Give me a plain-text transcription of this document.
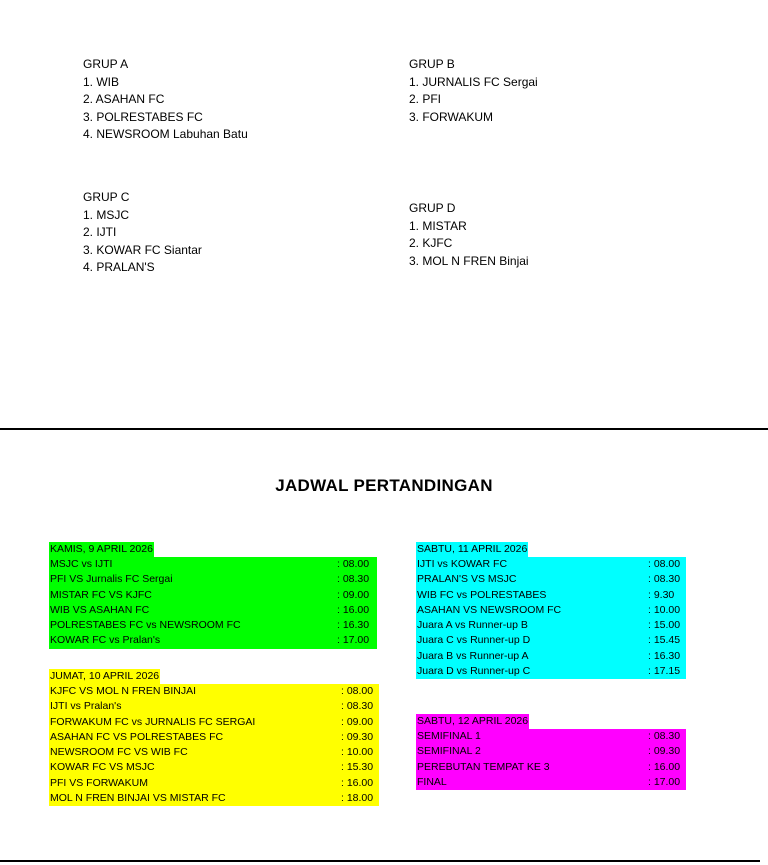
GRUP A
1. WIB
2. ASAHAN FC
3. POLRESTABES FC
4. NEWSROOM Labuhan Batu
GRUP B
1. JURNALIS FC Sergai
2. PFI
3. FORWAKUM
GRUP C
1. MSJC
2. IJTI
3. KOWAR FC Siantar
4. PRALAN'S
GRUP D
1. MISTAR
2. KJFC
3. MOL N FREN Binjai
JADWAL PERTANDINGAN
KAMIS, 9 APRIL 2026
MSJC vs IJTI	: 08.00
PFI VS Jurnalis FC Sergai	: 08.30
MISTAR FC VS KJFC	: 09.00
WIB VS ASAHAN FC	: 16.00
POLRESTABES FC vs NEWSROOM FC	: 16.30
KOWAR FC vs Pralan's	: 17.00
JUMAT, 10 APRIL 2026
KJFC VS MOL N FREN BINJAI	: 08.00
IJTI vs Pralan's	: 08.30
FORWAKUM FC vs JURNALIS FC SERGAI	: 09.00
ASAHAN FC VS POLRESTABES FC	: 09.30
NEWSROOM FC VS WIB FC	: 10.00
KOWAR FC VS MSJC	: 15.30
PFI VS FORWAKUM	: 16.00
MOL N FREN BINJAI VS MISTAR FC	: 18.00
SABTU, 11 APRIL 2026
IJTI vs KOWAR FC	: 08.00
PRALAN'S VS MSJC	: 08.30
WIB FC vs POLRESTABES	: 9.30
ASAHAN VS NEWSROOM FC	: 10.00
Juara A vs Runner-up B	: 15.00
Juara C vs Runner-up D	: 15.45
Juara B vs Runner-up A	: 16.30
Juara D vs Runner-up C	: 17.15
SABTU, 12 APRIL 2026
SEMIFINAL 1	: 08.30
SEMIFINAL 2	: 09.30
PEREBUTAN TEMPAT KE 3	: 16.00
FINAL	: 17.00
